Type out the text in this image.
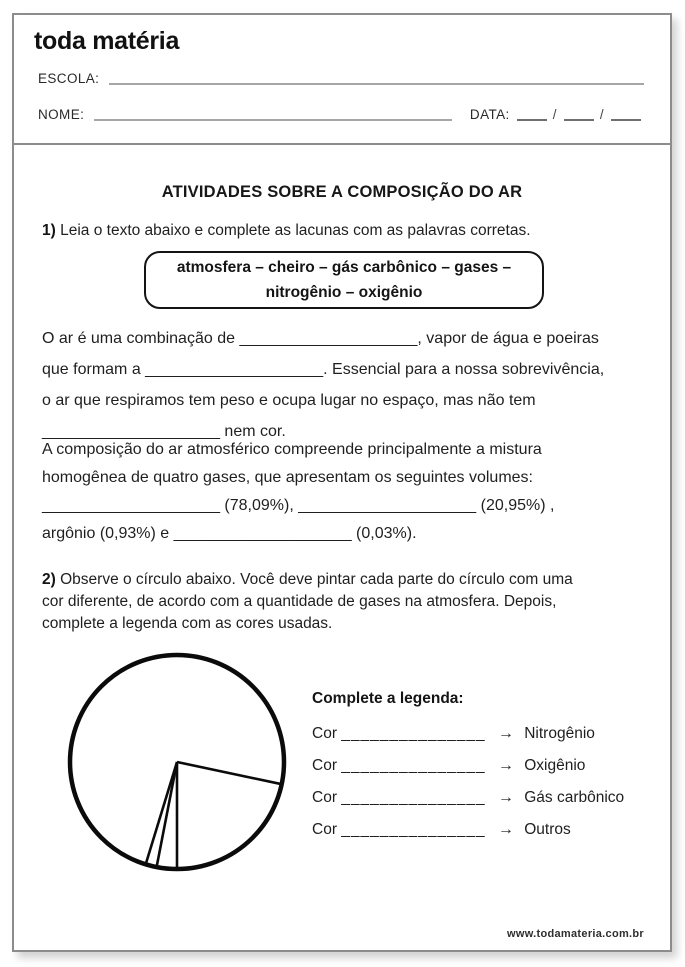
toda matéria
ESCOLA:
NOME:	DATA:	/	/
ATIVIDADES SOBRE A COMPOSIÇÃO DO AR
1) Leia o texto abaixo e complete as lacunas com as palavras corretas.
atmosfera – cheiro – gás carbônico – gases –
nitrogênio – oxigênio
O ar é uma combinação de ____________________, vapor de água e poeiras
que formam a ____________________. Essencial para a nossa sobrevivência,
o ar que respiramos tem peso e ocupa lugar no espaço, mas não tem
____________________ nem cor.
A composição do ar atmosférico compreende principalmente a mistura
homogênea de quatro gases, que apresentam os seguintes volumes:
____________________ (78,09%), ____________________ (20,95%) ,
argônio (0,93%) e ____________________ (0,03%).
2) Observe o círculo abaixo. Você deve pintar cada parte do círculo com uma
cor diferente, de acordo com a quantidade de gases na atmosfera. Depois,
complete a legenda com as cores usadas.
Complete a legenda:
Cor _______________ → Nitrogênio
Cor _______________ → Oxigênio
Cor _______________ → Gás carbônico
Cor _______________ → Outros
www.todamateria.com.br
